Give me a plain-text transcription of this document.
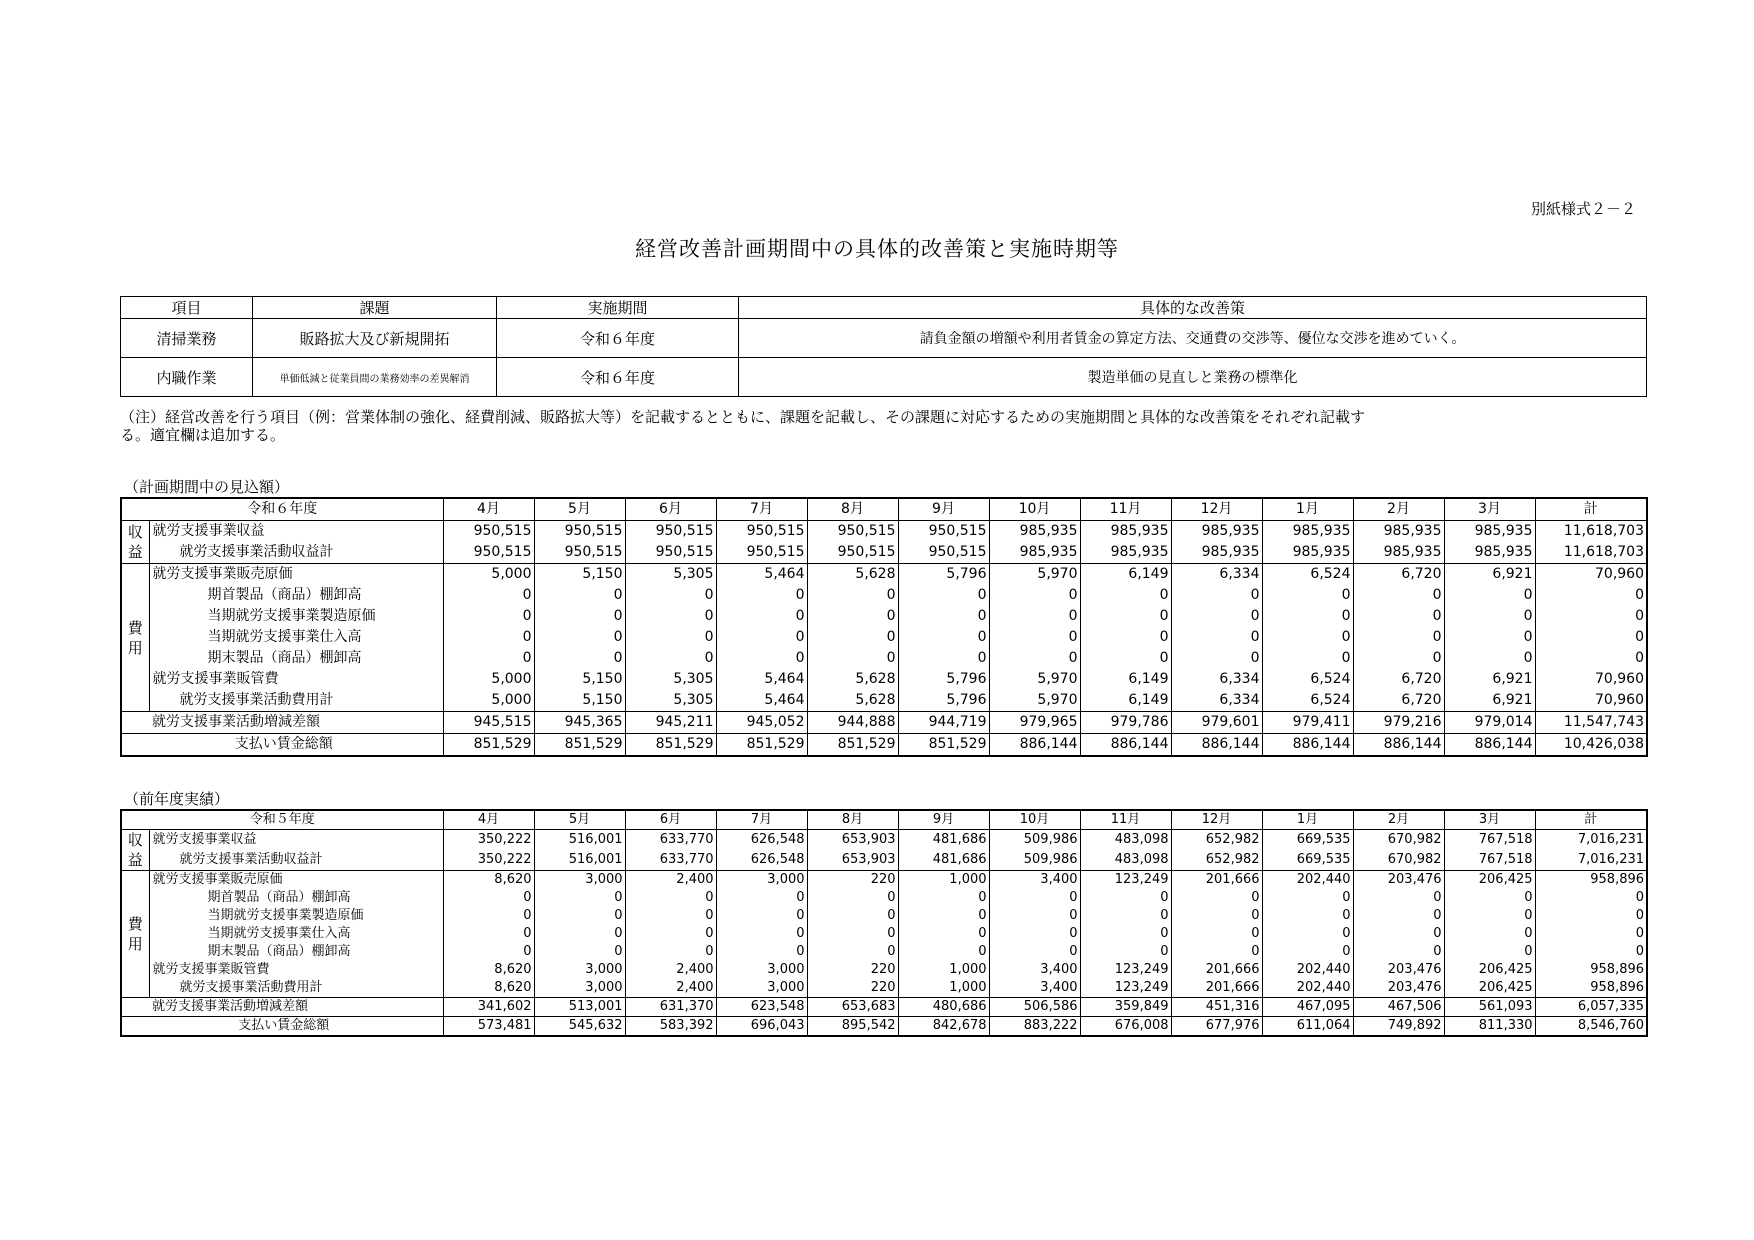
別紙様式２－２
経営改善計画期間中の具体的改善策と実施時期等
項目	課題	実施期間	具体的な改善策
清掃業務	販路拡大及び新規開拓	令和６年度	請負金額の増額や利用者賃金の算定方法、交通費の交渉等、優位な交渉を進めていく。
内職作業	単価低減と従業員間の業務効率の差異解消	令和６年度	製造単価の見直しと業務の標準化
（注）経営改善を行う項目（例：営業体制の強化、経費削減、販路拡大等）を記載するとともに、課題を記載し、その課題に対応するための実施期間と具体的な改善策をそれぞれ記載す
る。適宜欄は追加する。
（計画期間中の見込額）
令和６年度		4月	5月	6月	7月	8月	9月	10月	11月	12月	1月	2月	3月	計
収
益	就労支援事業収益	950,515	950,515	950,515	950,515	950,515	950,515	985,935	985,935	985,935	985,935	985,935	985,935	11,618,703
	就労支援事業活動収益計	950,515	950,515	950,515	950,515	950,515	950,515	985,935	985,935	985,935	985,935	985,935	985,935	11,618,703
費
用	就労支援事業販売原価	5,000	5,150	5,305	5,464	5,628	5,796	5,970	6,149	6,334	6,524	6,720	6,921	70,960
	期首製品（商品）棚卸高	0	0	0	0	0	0	0	0	0	0	0	0	0
	当期就労支援事業製造原価	0	0	0	0	0	0	0	0	0	0	0	0	0
	当期就労支援事業仕入高	0	0	0	0	0	0	0	0	0	0	0	0	0
	期末製品（商品）棚卸高	0	0	0	0	0	0	0	0	0	0	0	0	0
	就労支援事業販管費	5,000	5,150	5,305	5,464	5,628	5,796	5,970	6,149	6,334	6,524	6,720	6,921	70,960
	就労支援事業活動費用計	5,000	5,150	5,305	5,464	5,628	5,796	5,970	6,149	6,334	6,524	6,720	6,921	70,960
就労支援事業活動増減差額		945,515	945,365	945,211	945,052	944,888	944,719	979,965	979,786	979,601	979,411	979,216	979,014	11,547,743
支払い賃金総額		851,529	851,529	851,529	851,529	851,529	851,529	886,144	886,144	886,144	886,144	886,144	886,144	10,426,038
（前年度実績）
令和５年度		4月	5月	6月	7月	8月	9月	10月	11月	12月	1月	2月	3月	計
収
益	就労支援事業収益	350,222	516,001	633,770	626,548	653,903	481,686	509,986	483,098	652,982	669,535	670,982	767,518	7,016,231
	就労支援事業活動収益計	350,222	516,001	633,770	626,548	653,903	481,686	509,986	483,098	652,982	669,535	670,982	767,518	7,016,231
費
用	就労支援事業販売原価	8,620	3,000	2,400	3,000	220	1,000	3,400	123,249	201,666	202,440	203,476	206,425	958,896
	期首製品（商品）棚卸高	0	0	0	0	0	0	0	0	0	0	0	0	0
	当期就労支援事業製造原価	0	0	0	0	0	0	0	0	0	0	0	0	0
	当期就労支援事業仕入高	0	0	0	0	0	0	0	0	0	0	0	0	0
	期末製品（商品）棚卸高	0	0	0	0	0	0	0	0	0	0	0	0	0
	就労支援事業販管費	8,620	3,000	2,400	3,000	220	1,000	3,400	123,249	201,666	202,440	203,476	206,425	958,896
	就労支援事業活動費用計	8,620	3,000	2,400	3,000	220	1,000	3,400	123,249	201,666	202,440	203,476	206,425	958,896
就労支援事業活動増減差額		341,602	513,001	631,370	623,548	653,683	480,686	506,586	359,849	451,316	467,095	467,506	561,093	6,057,335
支払い賃金総額		573,481	545,632	583,392	696,043	895,542	842,678	883,222	676,008	677,976	611,064	749,892	811,330	8,546,760
